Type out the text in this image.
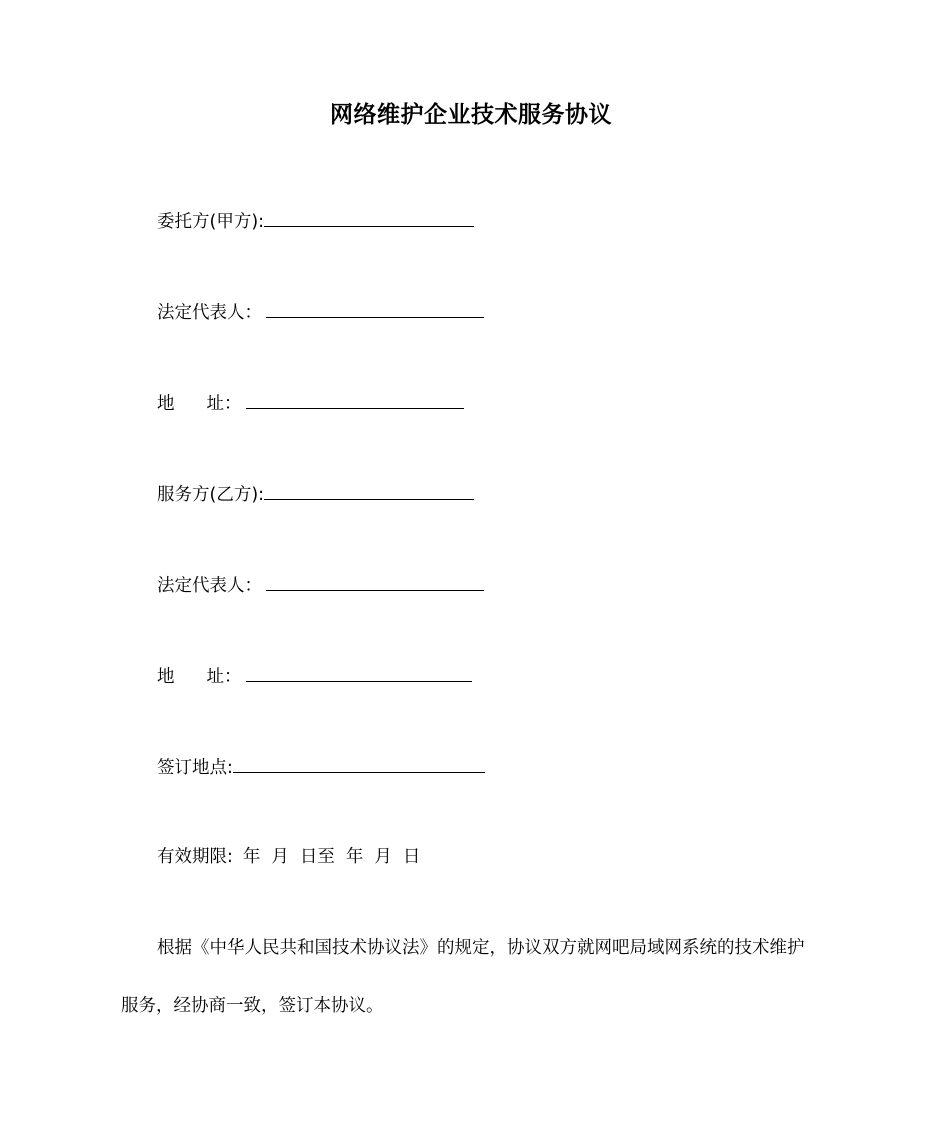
网络维护企业技术服务协议
委托方(甲方):
法定代表人：
地 址：
服务方(乙方):
法定代表人：
地 址：
签订地点:
有效期限: 年 月 日至 年 月 日
根据《中华人民共和国技术协议法》的规定，协议双方就网吧局域网系统的技术维护
服务，经协商一致，签订本协议。
